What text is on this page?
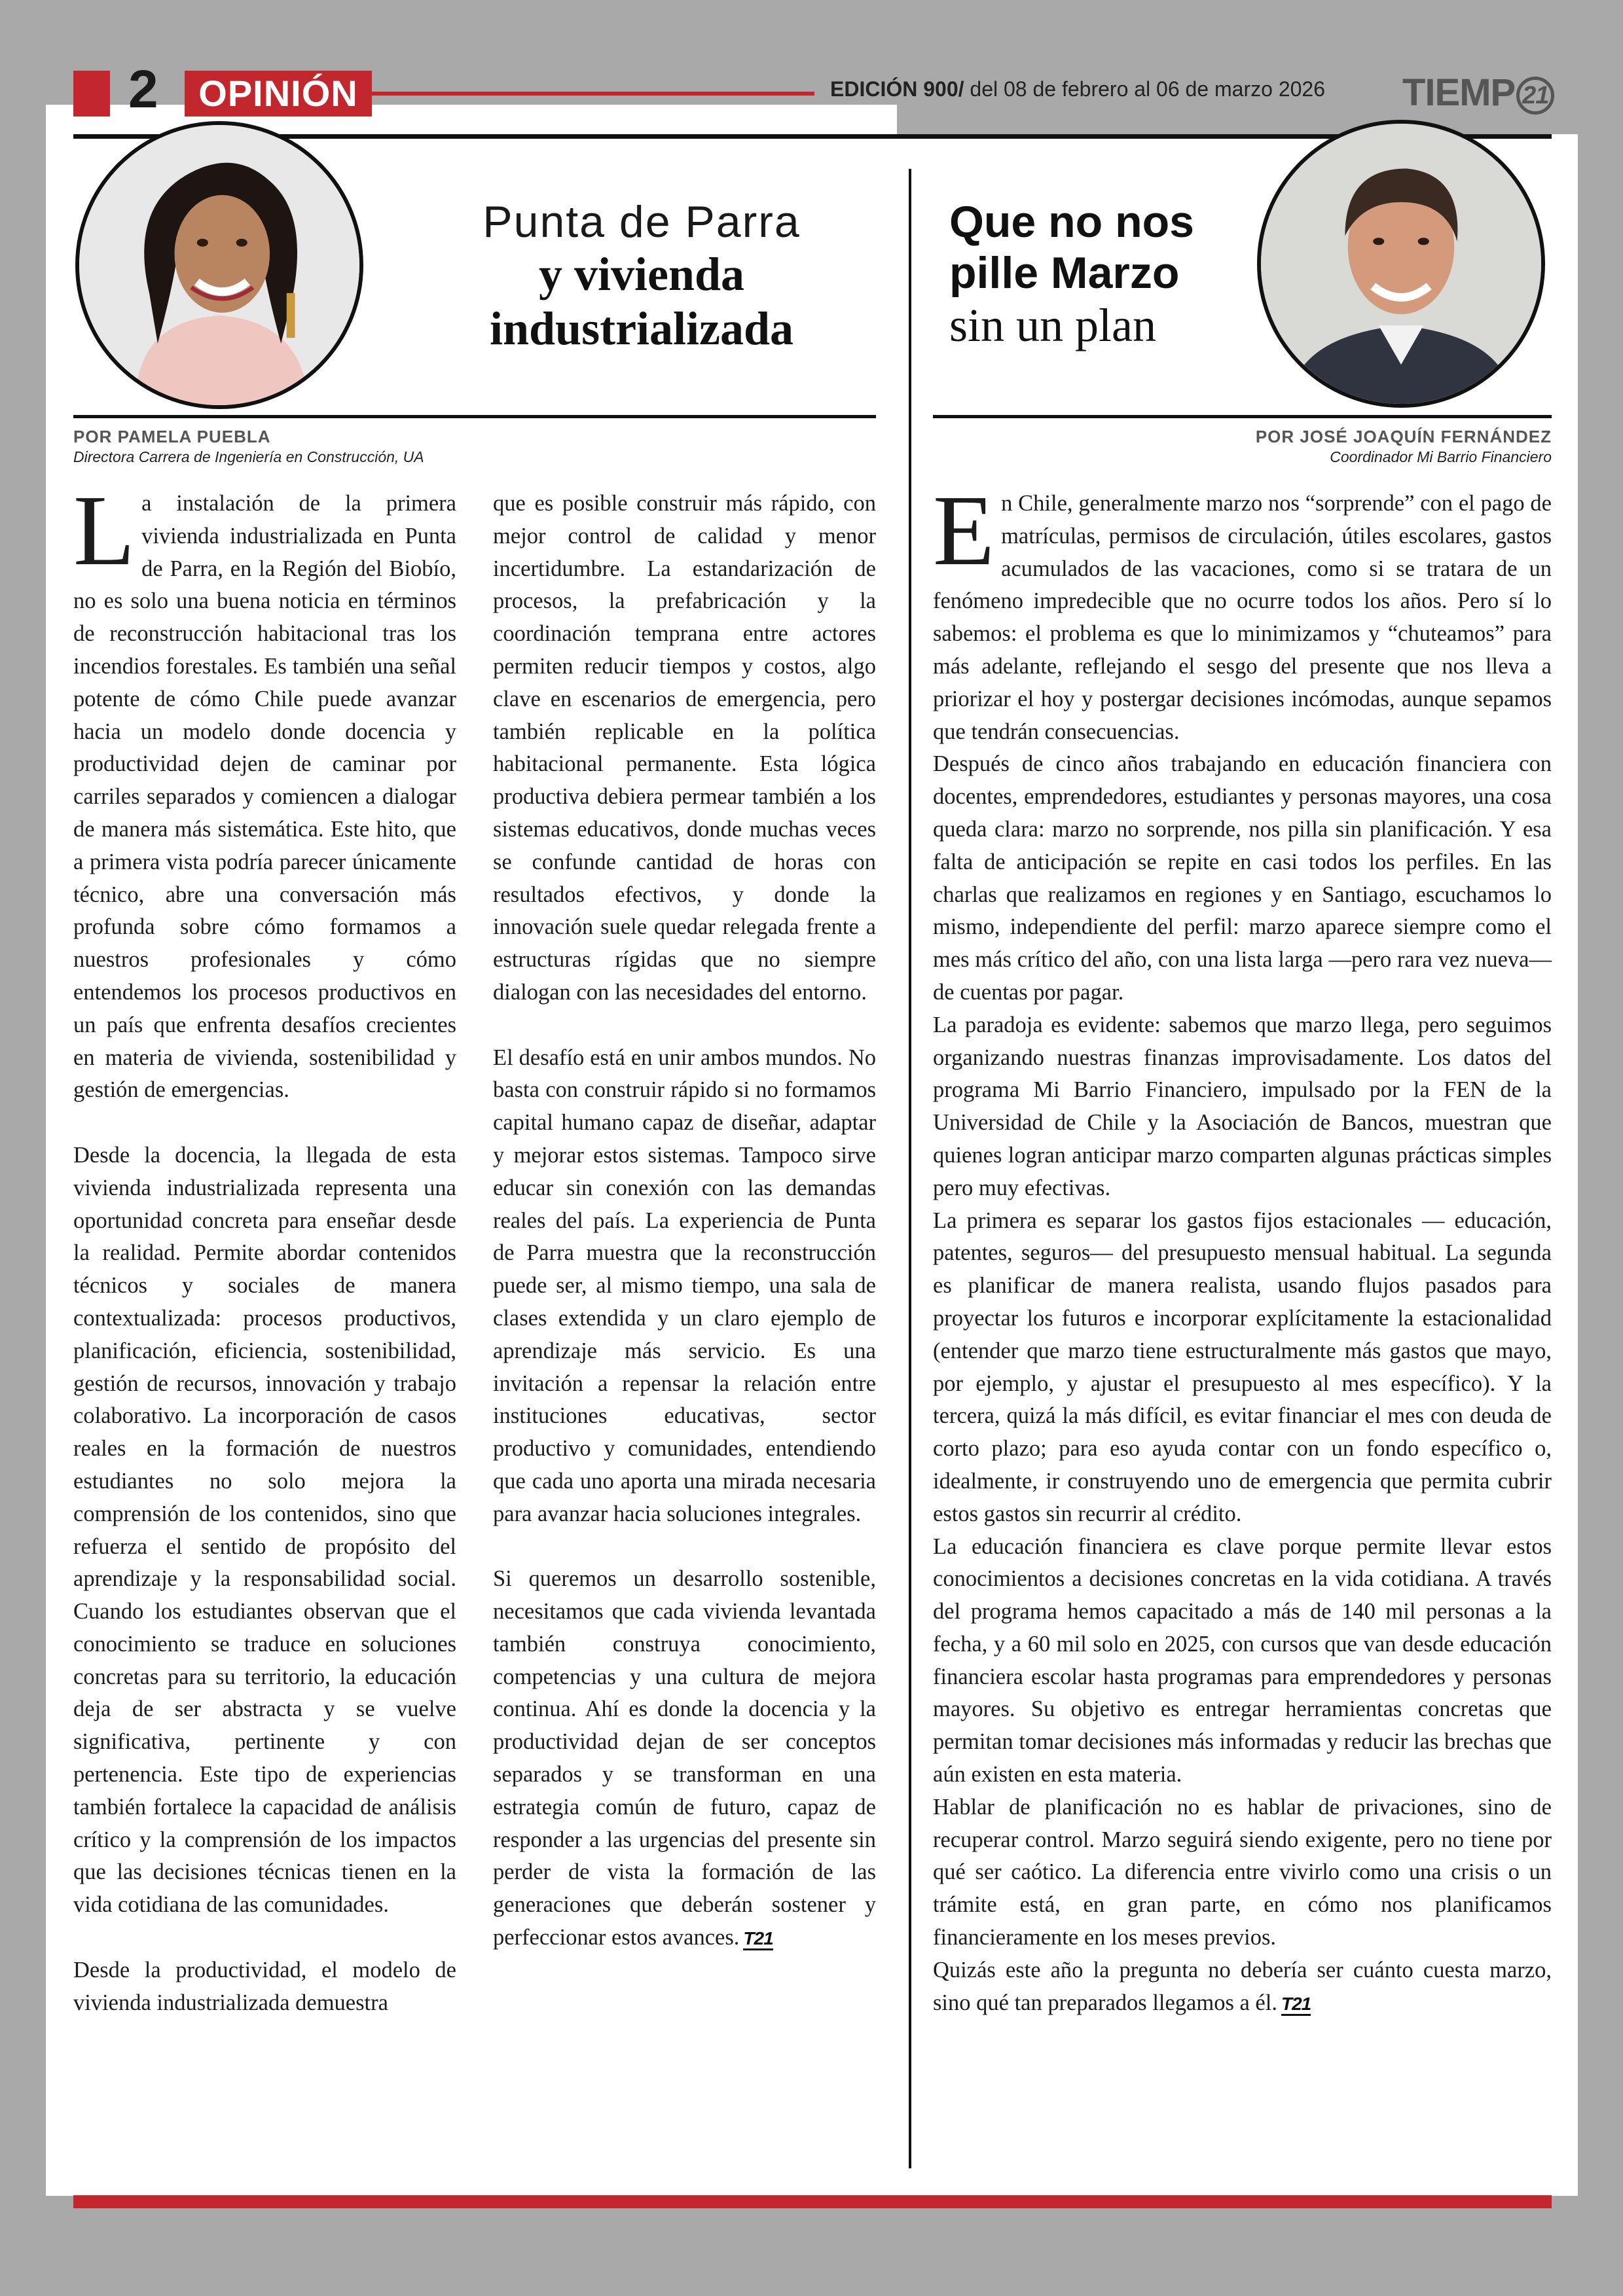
2	OPINIÓN	EDICIÓN 900/ del 08 de febrero al 06 de marzo 2026 TIEMP 21
Punta de Parra
y vivienda
industrializada
Que no nos
pille Marzo
sin un plan
POR PAMELA PUEBLA
Directora Carrera de Ingeniería en Construcción, UA
POR JOSÉ JOAQUÍN FERNÁNDEZ
Coordinador Mi Barrio Financiero

La instalación de la primera vivienda industrializada en Punta de Parra, en la Región del Biobío, no es solo una buena noticia en términos de reconstrucción habitacional tras los incendios forestales. Es también una señal potente de cómo Chile puede avanzar hacia un modelo donde docencia y productividad dejen de caminar por carriles separados y comiencen a dialogar de manera más sistemática. Este hito, que a primera vista podría parecer únicamente técnico, abre una conversación más profunda sobre cómo formamos a nuestros profesionales y cómo entendemos los procesos productivos en un país que enfrenta desafíos crecientes en materia de vivienda, sostenibilidad y gestión de emergencias.

Desde la docencia, la llegada de esta vivienda industrializada representa una oportunidad concreta para enseñar desde la realidad. Permite abordar contenidos técnicos y sociales de manera contextualizada: procesos productivos, planificación, eficiencia, sostenibilidad, gestión de recursos, innovación y trabajo colaborativo. La incorporación de casos reales en la formación de nuestros estudiantes no solo mejora la comprensión de los contenidos, sino que refuerza el sentido de propósito del aprendizaje y la responsabilidad social. Cuando los estudiantes observan que el conocimiento se traduce en soluciones concretas para su territorio, la educación deja de ser abstracta y se vuelve significativa, pertinente y con pertenencia. Este tipo de experiencias también fortalece la capacidad de análisis crítico y la comprensión de los impactos que las decisiones técnicas tienen en la vida cotidiana de las comunidades.

Desde la productividad, el modelo de vivienda industrializada demuestra

que es posible construir más rápido, con mejor control de calidad y menor incertidumbre. La estandarización de procesos, la prefabricación y la coordinación temprana entre actores permiten reducir tiempos y costos, algo clave en escenarios de emergencia, pero también replicable en la política habitacional permanente. Esta lógica productiva debiera permear también a los sistemas educativos, donde muchas veces se confunde cantidad de horas con resultados efectivos, y donde la innovación suele quedar relegada frente a estructuras rígidas que no siempre dialogan con las necesidades del entorno.

El desafío está en unir ambos mundos. No basta con construir rápido si no formamos capital humano capaz de diseñar, adaptar y mejorar estos sistemas. Tampoco sirve educar sin conexión con las demandas reales del país. La experiencia de Punta de Parra muestra que la reconstrucción puede ser, al mismo tiempo, una sala de clases extendida y un claro ejemplo de aprendizaje más servicio. Es una invitación a repensar la relación entre instituciones educativas, sector productivo y comunidades, entendiendo que cada uno aporta una mirada necesaria para avanzar hacia soluciones integrales.

Si queremos un desarrollo sostenible, necesitamos que cada vivienda levantada también construya conocimiento, competencias y una cultura de mejora continua. Ahí es donde la docencia y la productividad dejan de ser conceptos separados y se transforman en una estrategia común de futuro, capaz de responder a las urgencias del presente sin perder de vista la formación de las generaciones que deberán sostener y perfeccionar estos avances. T21

En Chile, generalmente marzo nos “sorprende” con el pago de matrículas, permisos de circulación, útiles escolares, gastos acumulados de las vacaciones, como si se tratara de un fenómeno impredecible que no ocurre todos los años. Pero sí lo sabemos: el problema es que lo minimizamos y “chuteamos” para más adelante, reflejando el sesgo del presente que nos lleva a priorizar el hoy y postergar decisiones incómodas, aunque sepamos que tendrán consecuencias.

Después de cinco años trabajando en educación financiera con docentes, emprendedores, estudiantes y personas mayores, una cosa queda clara: marzo no sorprende, nos pilla sin planificación. Y esa falta de anticipación se repite en casi todos los perfiles. En las charlas que realizamos en regiones y en Santiago, escuchamos lo mismo, independiente del perfil: marzo aparece siempre como el mes más crítico del año, con una lista larga —pero rara vez nueva— de cuentas por pagar.

La paradoja es evidente: sabemos que marzo llega, pero seguimos organizando nuestras finanzas improvisadamente. Los datos del programa Mi Barrio Financiero, impulsado por la FEN de la Universidad de Chile y la Asociación de Bancos, muestran que quienes logran anticipar marzo comparten algunas prácticas simples pero muy efectivas.

La primera es separar los gastos fijos estacionales — educación, patentes, seguros— del presupuesto mensual habitual. La segunda es planificar de manera realista, usando flujos pasados para proyectar los futuros e incorporar explícitamente la estacionalidad (entender que marzo tiene estructuralmente más gastos que mayo, por ejemplo, y ajustar el presupuesto al mes específico). Y la tercera, quizá la más difícil, es evitar financiar el mes con deuda de corto plazo; para eso ayuda contar con un fondo específico o, idealmente, ir construyendo uno de emergencia que permita cubrir estos gastos sin recurrir al crédito.

La educación financiera es clave porque permite llevar estos conocimientos a decisiones concretas en la vida cotidiana. A través del programa hemos capacitado a más de 140 mil personas a la fecha, y a 60 mil solo en 2025, con cursos que van desde educación financiera escolar hasta programas para emprendedores y personas mayores. Su objetivo es entregar herramientas concretas que permitan tomar decisiones más informadas y reducir las brechas que aún existen en esta materia.

Hablar de planificación no es hablar de privaciones, sino de recuperar control. Marzo seguirá siendo exigente, pero no tiene por qué ser caótico. La diferencia entre vivirlo como una crisis o un trámite está, en gran parte, en cómo nos planificamos financieramente en los meses previos.

Quizás este año la pregunta no debería ser cuánto cuesta marzo, sino qué tan preparados llegamos a él. T21
